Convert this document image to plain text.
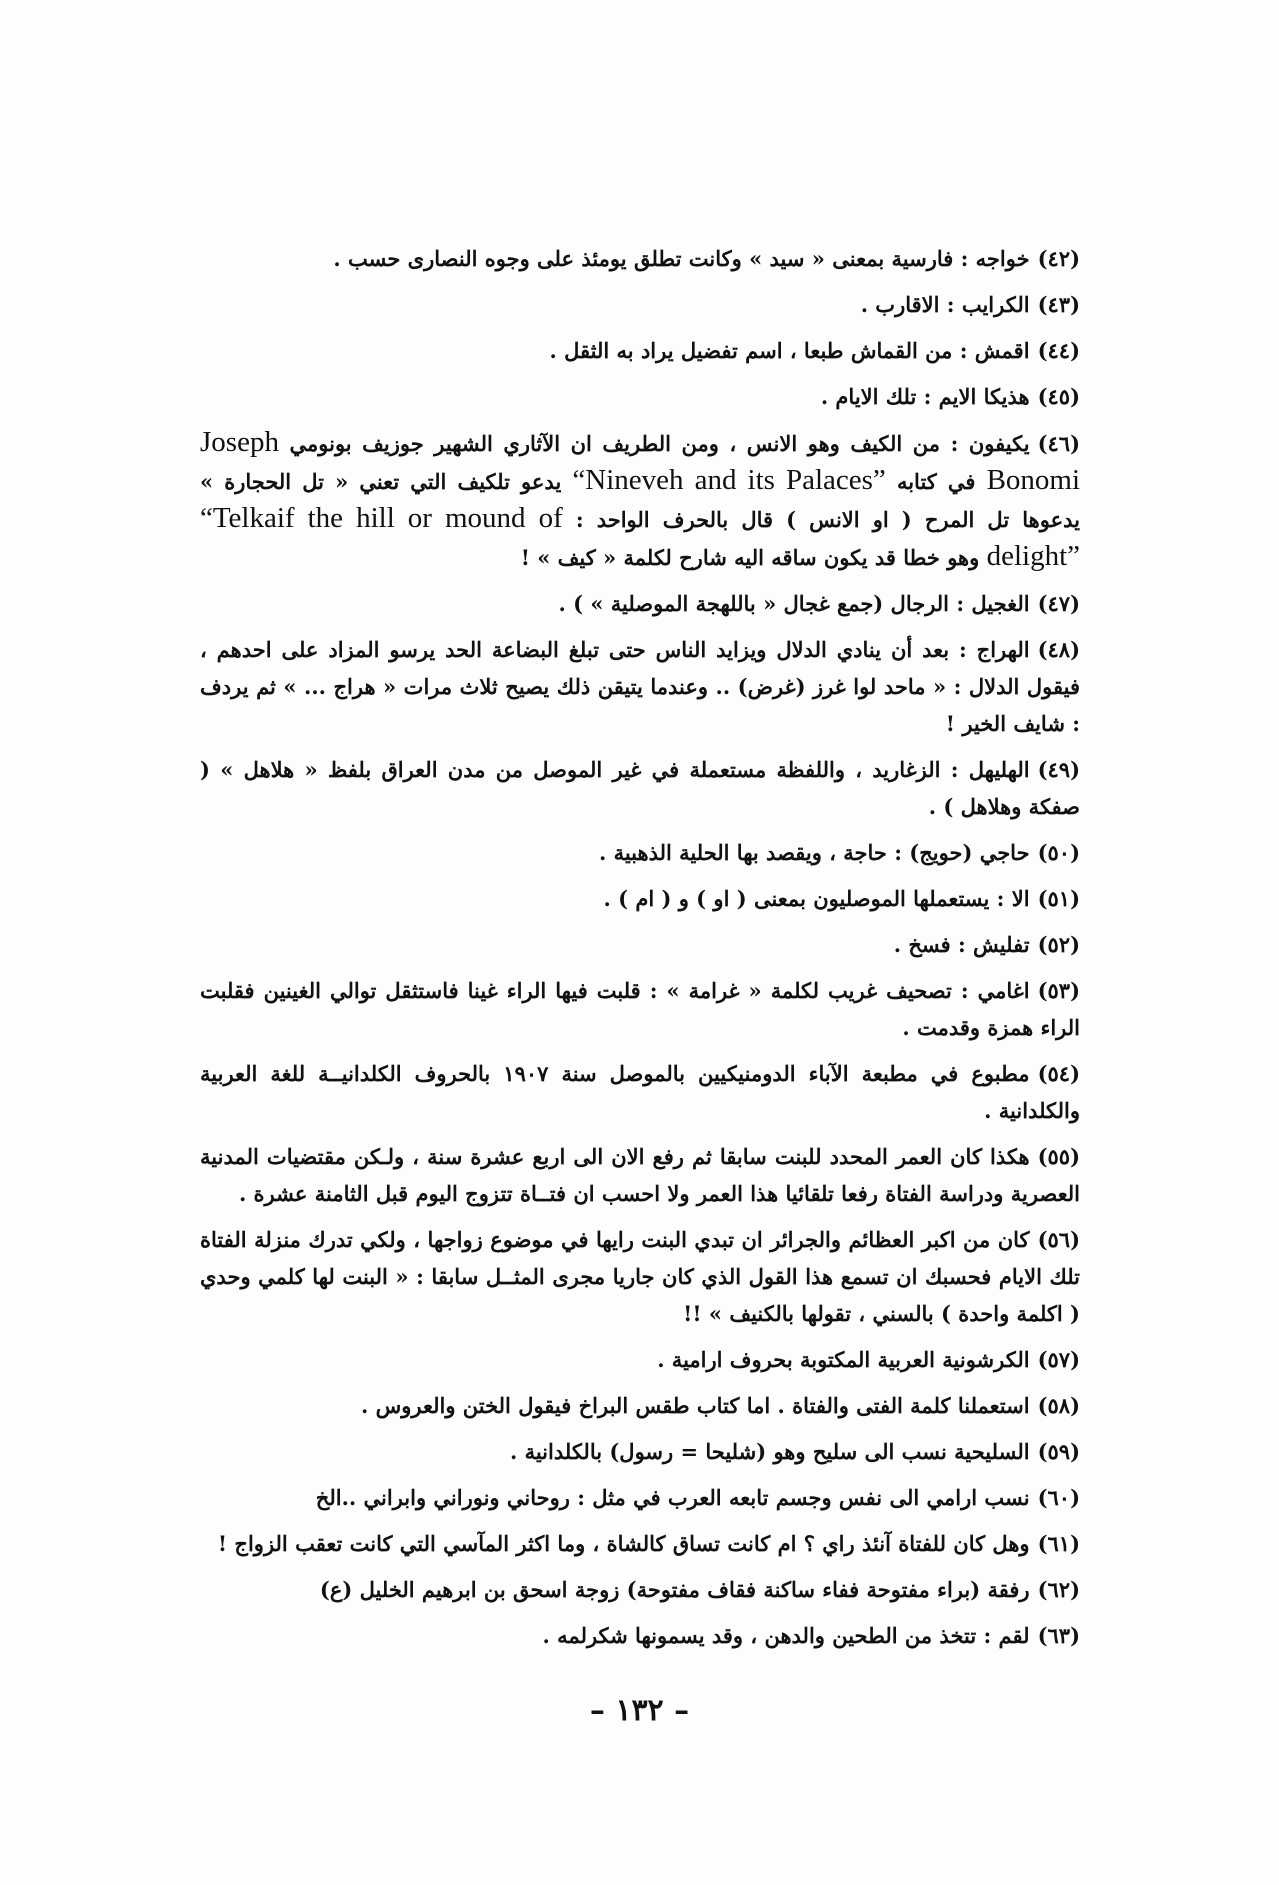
(٤٢)خواجه : فارسية بمعنى « سيد » وكانت تطلق يومئذ على وجوه النصارى حسب .

(٤٣)الكرايب : الاقارب .

(٤٤)اقمش : من القماش طبعا ، اسم تفضيل يراد به الثقل .

(٤٥)هذيكا الايم : تلك الايام .

(٤٦)يكيفون : من الكيف وهو الانس ، ومن الطريف ان الآثاري الشهير جوزيف بونومي Joseph Bonomi في كتابه “Nineveh and its Palaces” يدعو تلكيف التي تعني « تل الحجارة » يدعوها تل المرح ( او الانس ) قال بالحرف الواحد : “Telkaif the hill or mound of delight” وهو خطا قد يكون ساقه اليه شارح لكلمة « كيف » !

(٤٧)الغجيل : الرجال (جمع غجال « باللهجة الموصلية » ) .

(٤٨)الهراج : بعد أن ينادي الدلال ويزايد الناس حتى تبلغ البضاعة الحد يرسو المزاد على احدهم ، فيقول الدلال : « ماحد لوا غرز (غرض) .. وعندما يتيقن ذلك يصيح ثلاث مرات « هراج ... » ثم يردف : شايف الخير !

(٤٩)الهليهل : الزغاريد ، واللفظة مستعملة في غير الموصل من مدن العراق بلفظ « هلاهل » ( صفكة وهلاهل ) .

(٥٠)حاجي (حويج) : حاجة ، ويقصد بها الحلية الذهبية .

(٥١)الا : يستعملها الموصليون بمعنى ( او ) و ( ام ) .

(٥٢)تفليش : فسخ .

(٥٣)اغامي : تصحيف غريب لكلمة « غرامة » : قلبت فيها الراء غينا فاستثقل توالي الغينين فقلبت الراء همزة وقدمت .

(٥٤)مطبوع في مطبعة الآباء الدومنيكيين بالموصل سنة ١٩٠٧ بالحروف الكلدانيــة للغة العربية والكلدانية .

(٥٥)هكذا كان العمر المحدد للبنت سابقا ثم رفع الان الى اربع عشرة سنة ، ولـكن مقتضيات المدنية العصرية ودراسة الفتاة رفعا تلقائيا هذا العمر ولا احسب ان فتــاة تتزوج اليوم قبل الثامنة عشرة .

(٥٦)كان من اكبر العظائم والجرائر ان تبدي البنت رايها في موضوع زواجها ، ولكي تدرك منزلة الفتاة تلك الايام فحسبك ان تسمع هذا القول الذي كان جاريا مجرى المثــل سابقا : « البنت لها كلمي وحدي ( اكلمة واحدة ) بالسني ، تقولها بالكنيف » !!

(٥٧)الكرشونية العربية المكتوبة بحروف ارامية .

(٥٨)استعملنا كلمة الفتى والفتاة . اما كتاب طقس البراخ فيقول الختن والعروس .

(٥٩)السليحية نسب الى سليح وهو (شليحا = رسول) بالكلدانية .

(٦٠)نسب ارامي الى نفس وجسم تابعه العرب في مثل : روحاني ونوراني وابراني ..الخ

(٦١)وهل كان للفتاة آنئذ راي ؟ ام كانت تساق كالشاة ، وما اكثر المآسي التي كانت تعقب الزواج !

(٦٢)رفقة (براء مفتوحة ففاء ساكنة فقاف مفتوحة) زوجة اسحق بن ابرهيم الخليل (ع)

(٦٣)لقم : تتخذ من الطحين والدهن ، وقد يسمونها شكرلمه .

– ١٣٢ –
